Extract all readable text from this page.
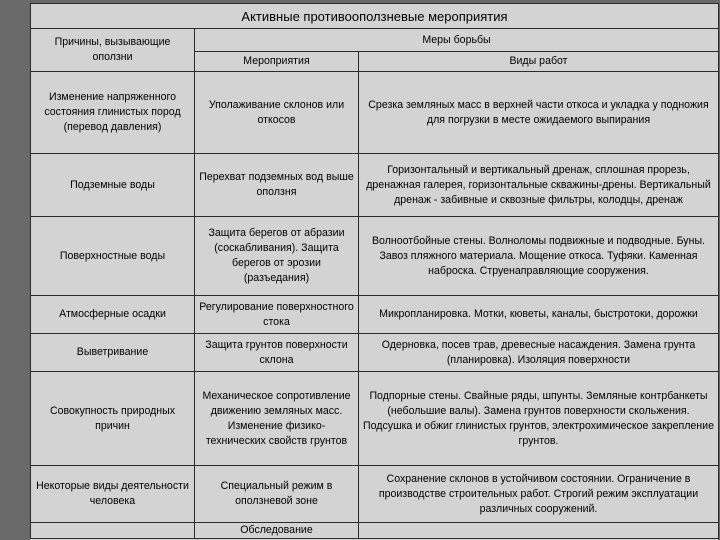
Активные противооползневые мероприятия		
Причины, вызывающие оползни	Меры борьбы	
	Мероприятия	Виды работ
Изменение напряженного состояния глинистых пород (перевод давления)	Уполаживание склонов или откосов	Срезка земляных масс в верхней части откоса и укладка у подножия для погрузки в месте ожидаемого выпирания
Подземные воды	Перехват подземных вод выше оползня	Горизонтальный и вертикальный дренаж, сплошная прорезь, дренажная галерея, горизонтальные скважины-дрены. Вертикальный дренаж - забивные и сквозные фильтры, колодцы, дренаж
Поверхностные воды	Защита берегов от абразии (соскабливания). Защита берегов от эрозии (разъедания)	Волноотбойные стены. Волноломы подвижные и подводные. Буны. Завоз пляжного материала. Мощение откоса. Туфяки. Каменная наброска. Струенаправляющие сооружения.
Атмосферные осадки	Регулирование поверхностного стока	Микропланировка. Мотки, кюветы, каналы, быстротоки, дорожки
Выветривание	Защита грунтов поверхности склона	Одерновка, посев трав, древесные насаждения. Замена грунта (планировка). Изоляция поверхности
Совокупность природных причин	Механическое сопротивление движению земляных масс. Изменение физико-технических свойств грунтов	Подпорные стены. Свайные ряды, шпунты. Земляные контрбанкеты (небольшие валы). Замена грунтов поверхности скольжения. Подсушка и обжиг глинистых грунтов, электрохимическое закрепление грунтов.
Некоторые виды деятельности человека	Специальный режим в оползневой зоне	Сохранение склонов в устойчивом состоянии. Ограничение в производстве строительных работ. Строгий режим эксплуатации различных сооружений.
	Обследование	
